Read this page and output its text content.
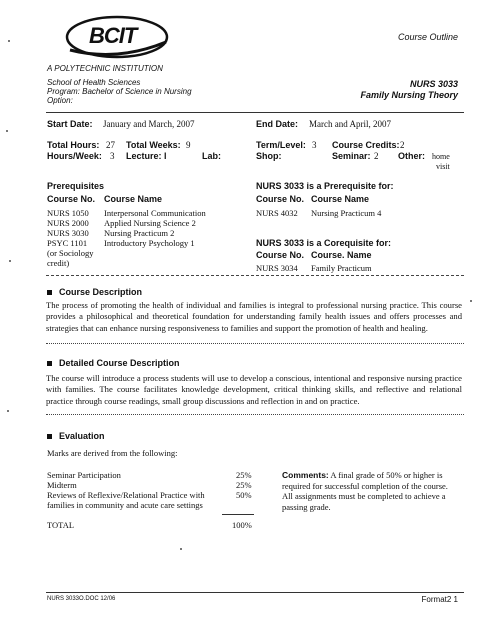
BCIT
A POLYTECHNIC INSTITUTION
School of Health Sciences
Program: Bachelor of Science in Nursing
Option:
Course Outline
NURS 3033
Family Nursing Theory
Start Date: January and March, 2007	End Date: March and April, 2007
Total Hours: 27 Total Weeks: 9	Term/Level: 3 Course Credits: 2
Hours/Week: 3 Lecture: l	Lab:	Shop:	Seminar: 2 Other: home
visit
Prerequisites
Course No. Course Name
NURS 1050 Interpersonal Communication
NURS 2000 Applied Nursing Science 2
NURS 3030 Nursing Practicum 2
PSYC 1101 Introductory Psychology 1
(or Sociology
credit)
NURS 3033 is a Prerequisite for:
Course No. Course Name
NURS 4032 Nursing Practicum 4
NURS 3033 is a Corequisite for:
Course No. Course. Name
NURS 3034 Family Practicum
Course Description
The process of promoting the health of individual and families is integral to professional nursing practice. This course provides a philosophical and theoretical foundation for understanding family health issues and offers processes and strategies that can enhance nursing responsiveness to families and support the promotion of health and healing.
Detailed Course Description
The course will introduce a process students will use to develop a conscious, intentional and responsive nursing practice with families. The course facilitates knowledge development, critical thinking skills, and reflective and relational practice through course readings, small group discussions and reflection in and on practice.
Evaluation
Marks are derived from the following:
Seminar Participation	25%
Midterm	25%
Reviews of Reflexive/Relational Practice with	50%
families in community and acute care settings
TOTAL	100%
Comments: A final grade of 50% or higher is
required for successful completion of the course.
All assignments must be completed to achieve a
passing grade.
NURS 3033O.DOC 12/06	Format2 1
